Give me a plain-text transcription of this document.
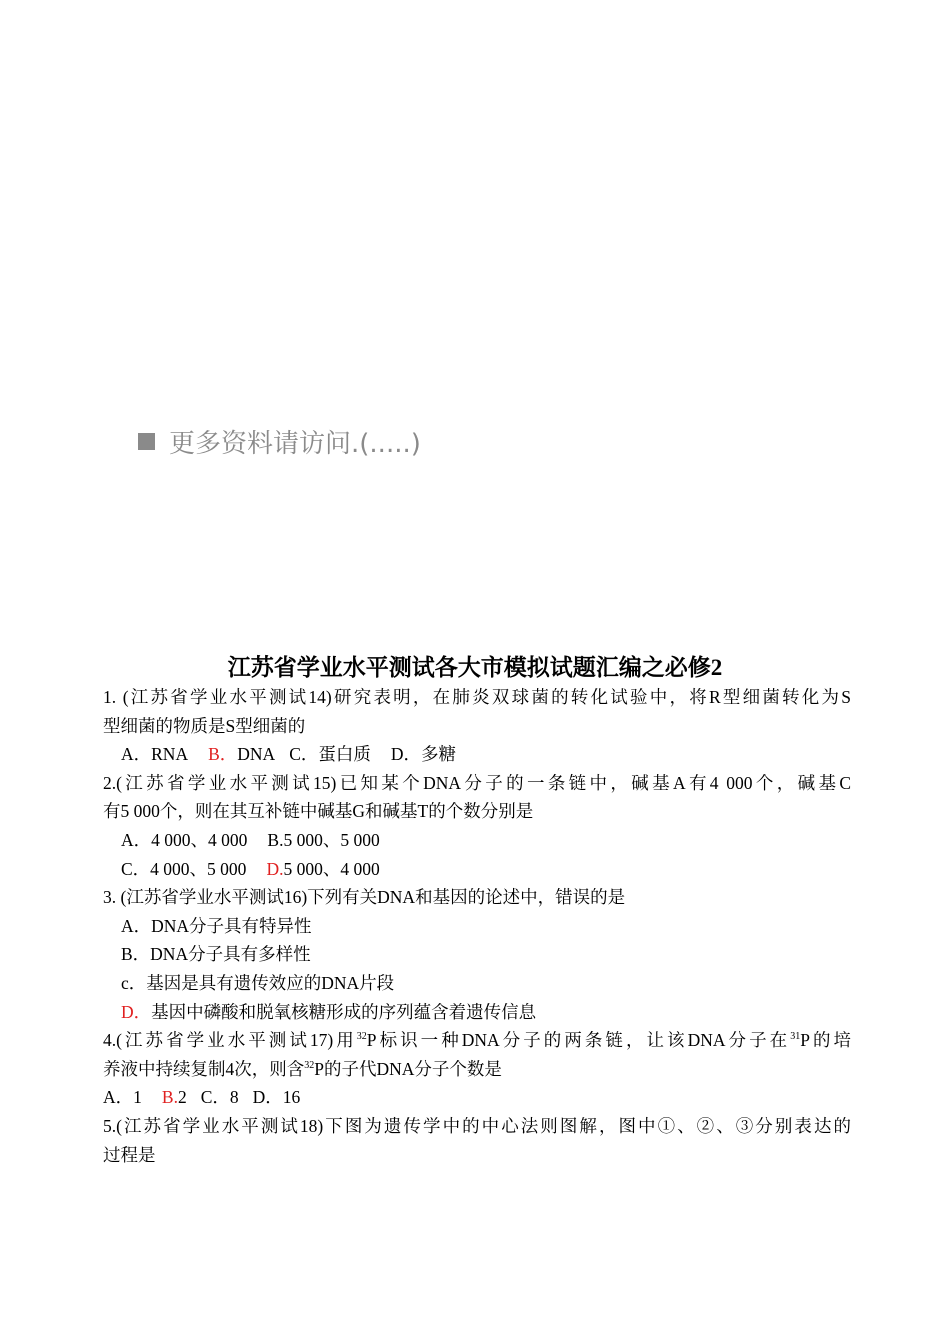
更多资料请访问.(.....)
江苏省学业水平测试各大市模拟试题汇编之必修2
1. (江苏省学业水平测试14)研究表明，在肺炎双球菌的转化试验中，将R型细菌转化为S
型细菌的物质是S型细菌的
A．RNA B．DNA C．蛋白质 D．多糖
2.(江苏省学业水平测试15)已知某个DNA分子的一条链中，碱基A有4 000个，碱基C
有5 000个，则在其互补链中碱基G和碱基T的个数分别是
A．4 000、4 000 B.5 000、5 000
C．4 000、5 000 D.5 000、4 000
3. (江苏省学业水平测试16)下列有关DNA和基因的论述中，错误的是
A．DNA分子具有特异性
B．DNA分子具有多样性
c．基因是具有遗传效应的DNA片段
D．基因中磷酸和脱氧核糖形成的序列蕴含着遗传信息
4.(江苏省学业水平测试17)用$^{32}$P标识一种DNA分子的两条链，让该DNA分子在$^{31}$P的培
养液中持续复制4次，则含$^{32}$P的子代DNA分子个数是
A．1 B.2 C．8 D．16
5.(江苏省学业水平测试18)下图为遗传学中的中心法则图解，图中①、②、③分别表达的
过程是
